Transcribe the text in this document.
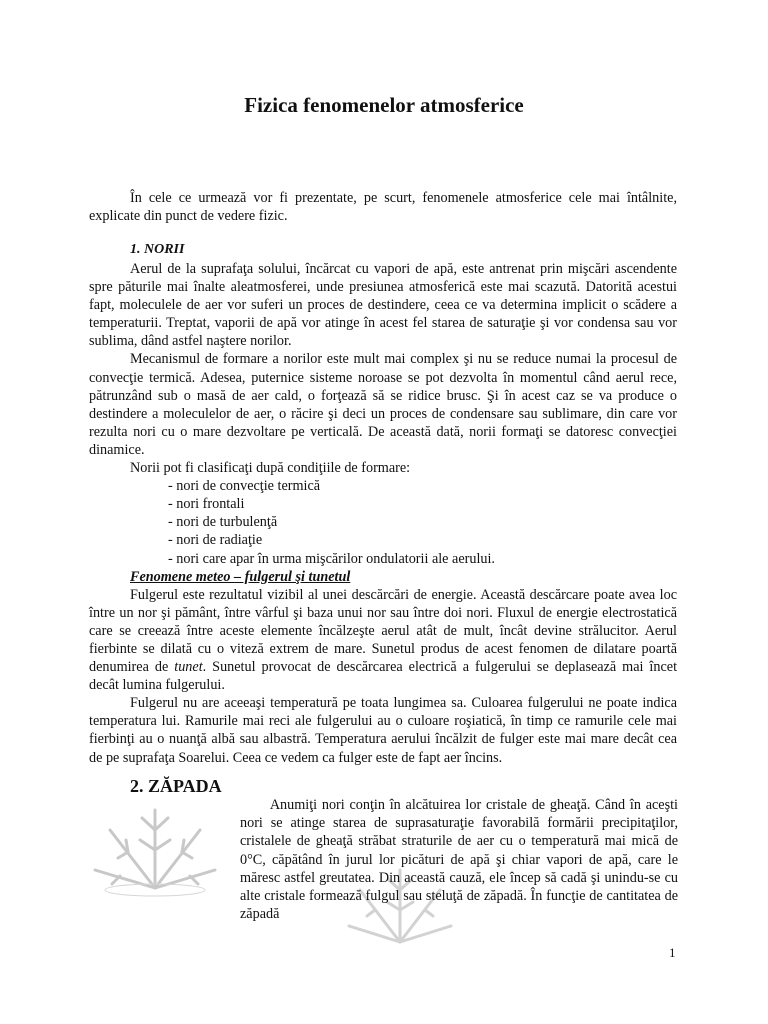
Fizica fenomenelor atmosferice

În cele ce urmează vor fi prezentate, pe scurt, fenomenele atmosferice cele mai întâlnite, explicate din punct de vedere fizic.

1. NORII

Aerul de la suprafaţa solului, încărcat cu vapori de apă, este antrenat prin mişcări ascendente spre păturile mai înalte aleatmosferei, unde presiunea atmosferică este mai scazută. Datorită acestui fapt, moleculele de aer vor suferi un proces de destindere, ceea ce va determina implicit o scădere a temperaturii. Treptat, vaporii de apă vor atinge în acest fel starea de saturaţie şi vor condensa sau vor sublima, dând astfel naştere norilor.

Mecanismul de formare a norilor este mult mai complex şi nu se reduce numai la procesul de convecţie termică. Adesea, puternice sisteme noroase se pot dezvolta în momentul când aerul rece, pătrunzând sub o masă de aer cald, o forţează să se ridice brusc. Şi în acest caz se va produce o destindere a moleculelor de aer, o răcire şi deci un proces de condensare sau sublimare, din care vor rezulta nori cu o mare dezvoltare pe verticală. De această dată, norii formaţi se datoresc convecţiei dinamice.

Norii pot fi clasificaţi după condiţiile de formare:

- nori de convecţie termică
- nori frontali
- nori de turbulenţă
- nori de radiaţie
- nori care apar în urma mişcărilor ondulatorii ale aerului.
Fenomene meteo – fulgerul şi tunetul

Fulgerul este rezultatul vizibil al unei descărcări de energie. Această descărcare poate avea loc între un nor şi pământ, între vârful şi baza unui nor sau între doi nori. Fluxul de energie electrostatică care se creează între aceste elemente încălzeşte aerul atât de mult, încât devine strălucitor. Aerul fierbinte se dilată cu o viteză extrem de mare. Sunetul produs de acest fenomen de dilatare poartă denumirea de tunet. Sunetul provocat de descărcarea electrică a fulgerului se deplasează mai încet decât lumina fulgerului.

Fulgerul nu are aceeaşi temperatură pe toata lungimea sa. Culoarea fulgerului ne poate indica temperatura lui. Ramurile mai reci ale fulgerului au o culoare roşiatică, în timp ce ramurile cele mai fierbinţi au o nuanţă albă sau albastră. Temperatura aerului încălzit de fulger este mai mare decât cea de pe suprafaţa Soarelui. Ceea ce vedem ca fulger este de fapt aer încins.

2. ZĂPADA

Anumiţi nori conţin în alcătuirea lor cristale de gheaţă. Când în aceşti nori se atinge starea de suprasaturaţie favorabilă formării precipitaţilor, cristalele de gheaţă străbat straturile de aer cu o temperatură mai mică de 0°C, căpătând în jurul lor picături de apă şi chiar vapori de apă, care le măresc astfel greutatea. Din această cauză, ele încep să cadă şi unindu-se cu alte cristale formează fulgul sau steluţă de zăpadă. În funcţie de cantitatea de zăpadă

1
